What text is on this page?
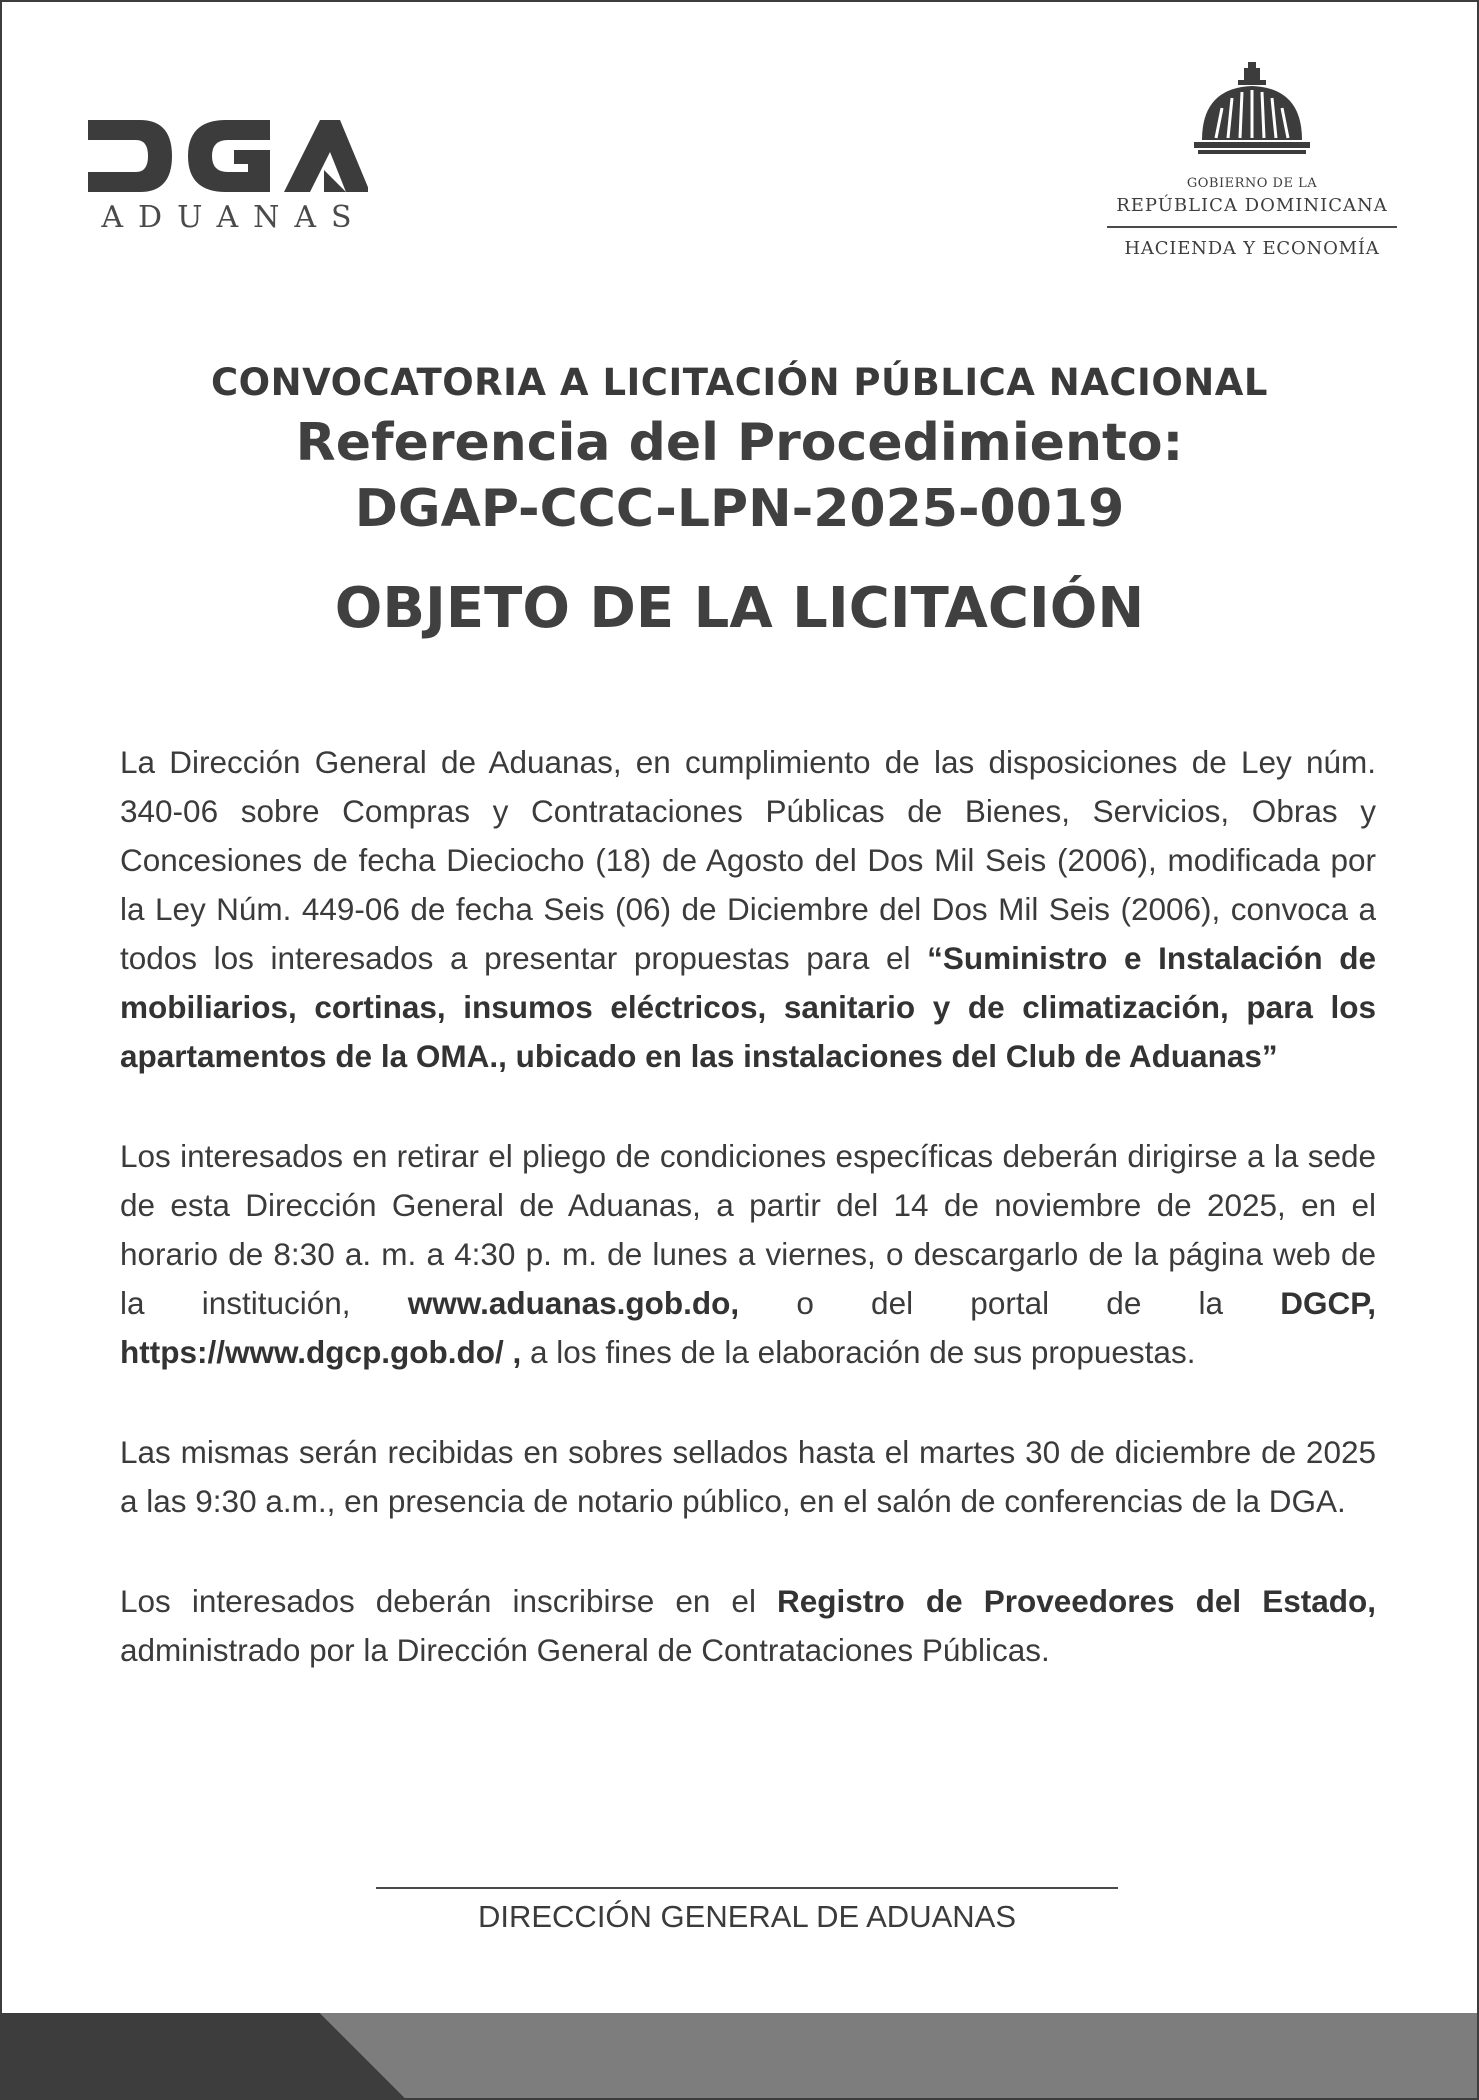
ADUANAS
GOBIERNO DE LA
REPÚBLICA DOMINICANA
HACIENDA Y ECONOMÍA
CONVOCATORIA A LICITACIÓN PÚBLICA NACIONAL
Referencia del Procedimiento:
DGAP-CCC-LPN-2025-0019
OBJETO DE LA LICITACIÓN

La Dirección General de Aduanas, en cumplimiento de las disposiciones de Ley núm. 340-06 sobre Compras y Contrataciones Públicas de Bienes, Servicios, Obras y Concesiones de fecha Dieciocho (18) de Agosto del Dos Mil Seis (2006), modificada por la Ley Núm. 449-06 de fecha Seis (06) de Diciembre del Dos Mil Seis (2006), convoca a todos los interesados a presentar propuestas para el “Suministro e Instalación de mobiliarios, cortinas, insumos eléctricos, sanitario y de climatización, para los apartamentos de la OMA., ubicado en las instalaciones del Club de Aduanas”

Los interesados en retirar el pliego de condiciones específicas deberán dirigirse a la sede de esta Dirección General de Aduanas, a partir del 14 de noviembre de 2025, en el horario de 8:30 a. m. a 4:30 p. m. de lunes a viernes, o descargarlo de la página web de la institución, www.aduanas.gob.do, o del portal de la DGCP, https://www.dgcp.gob.do/ , a los fines de la elaboración de sus propuestas.

Las mismas serán recibidas en sobres sellados hasta el martes 30 de diciembre de 2025 a las 9:30 a.m., en presencia de notario público, en el salón de conferencias de la DGA.

Los interesados deberán inscribirse en el Registro de Proveedores del Estado, administrado por la Dirección General de Contrataciones Públicas.

DIRECCIÓN GENERAL DE ADUANAS
